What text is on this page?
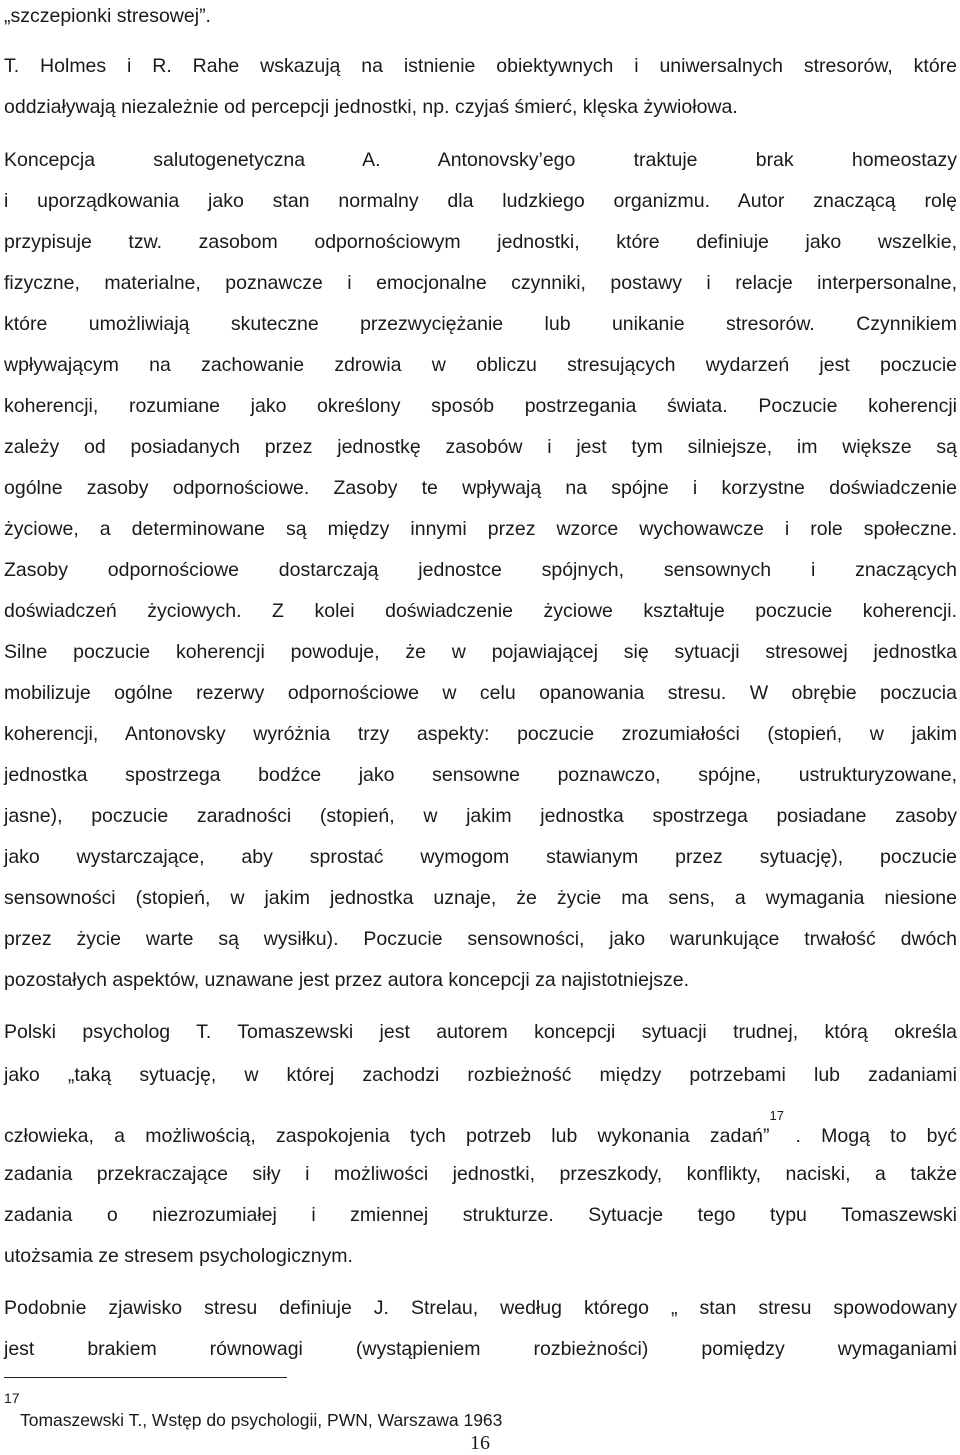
„szczepionki stresowej”.
T. Holmes i R. Rahe wskazują na istnienie obiektywnych i uniwersalnych stresorów, które
oddziaływają niezależnie od percepcji jednostki, np. czyjaś śmierć, klęska żywiołowa.
Koncepcja salutogenetyczna A. Antonovsky’ego traktuje brak homeostazy
i uporządkowania jako stan normalny dla ludzkiego organizmu. Autor znaczącą rolę
przypisuje tzw. zasobom odpornościowym jednostki, które definiuje jako wszelkie,
fizyczne, materialne, poznawcze i emocjonalne czynniki, postawy i relacje interpersonalne,
które umożliwiają skuteczne przezwyciężanie lub unikanie stresorów. Czynnikiem
wpływającym na zachowanie zdrowia w obliczu stresujących wydarzeń jest poczucie
koherencji, rozumiane jako określony sposób postrzegania świata. Poczucie koherencji
zależy od posiadanych przez jednostkę zasobów i jest tym silniejsze, im większe są
ogólne zasoby odpornościowe. Zasoby te wpływają na spójne i korzystne doświadczenie
życiowe, a determinowane są między innymi przez wzorce wychowawcze i role społeczne.
Zasoby odpornościowe dostarczają jednostce spójnych, sensownych i znaczących
doświadczeń życiowych. Z kolei doświadczenie życiowe kształtuje poczucie koherencji.
Silne poczucie koherencji powoduje, że w pojawiającej się sytuacji stresowej jednostka
mobilizuje ogólne rezerwy odpornościowe w celu opanowania stresu. W obrębie poczucia
koherencji, Antonovsky wyróżnia trzy aspekty: poczucie zrozumiałości (stopień, w jakim
jednostka spostrzega bodźce jako sensowne poznawczo, spójne, ustrukturyzowane,
jasne), poczucie zaradności (stopień, w jakim jednostka spostrzega posiadane zasoby
jako wystarczające, aby sprostać wymogom stawianym przez sytuację), poczucie
sensowności (stopień, w jakim jednostka uznaje, że życie ma sens, a wymagania niesione
przez życie warte są wysiłku). Poczucie sensowności, jako warunkujące trwałość dwóch
pozostałych aspektów, uznawane jest przez autora koncepcji za najistotniejsze.
Polski psycholog T. Tomaszewski jest autorem koncepcji sytuacji trudnej, którą określa
jako „taką sytuację, w której zachodzi rozbieżność między potrzebami lub zadaniami
człowieka, a możliwością, zaspokojenia tych potrzeb lub wykonania zadań”$^{17}$. Mogą to być
zadania przekraczające siły i możliwości jednostki, przeszkody, konflikty, naciski, a także
zadania o niezrozumiałej i zmiennej strukturze. Sytuacje tego typu Tomaszewski
utożsamia ze stresem psychologicznym.
Podobnie zjawisko stresu definiuje J. Strelau, według którego „ stan stresu spowodowany
jest brakiem równowagi (wystąpieniem rozbieżności) pomiędzy wymaganiami
17
Tomaszewski T., Wstęp do psychologii, PWN, Warszawa 1963
16
